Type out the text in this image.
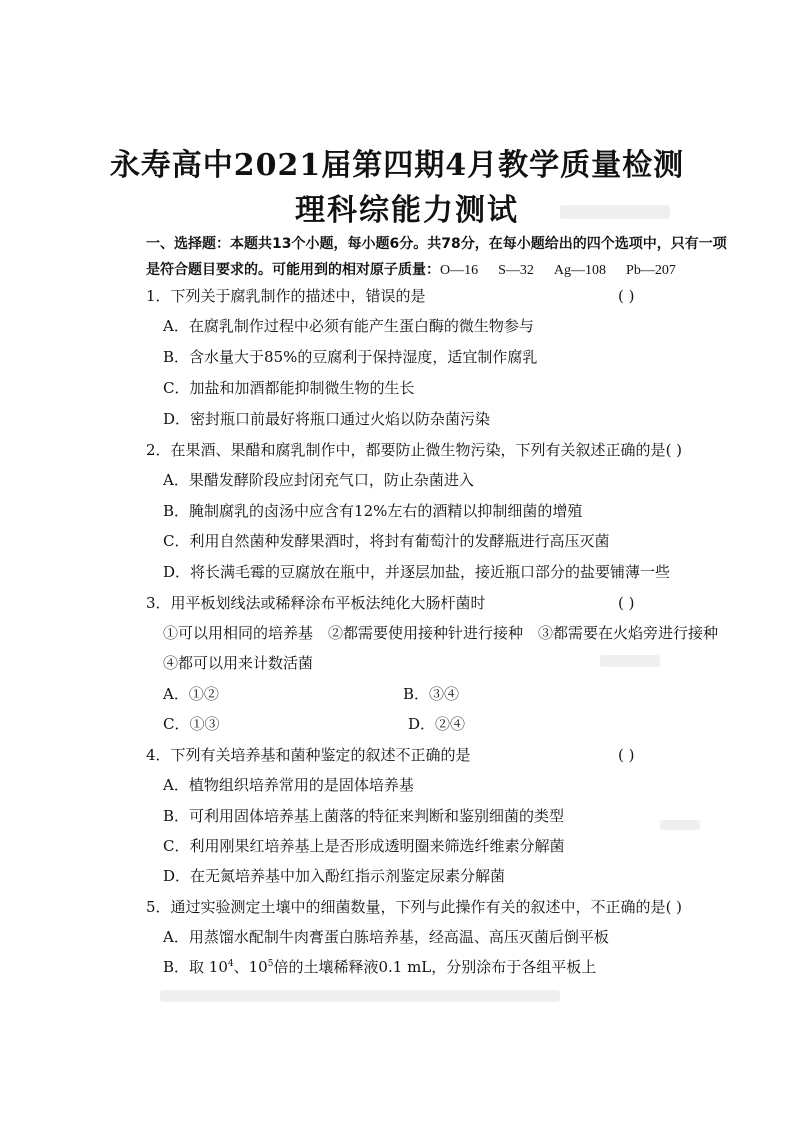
永寿高中2021届第四期4月教学质量检测
理科综能力测试
一、选择题：本题共13个小题，每小题6分。共78分，在每小题给出的四个选项中，只有一项
是符合题目要求的。可能用到的相对原子质量：O—16 S—32 Ag—108 Pb—207
1．下列关于腐乳制作的描述中，错误的是	( )
A．在腐乳制作过程中必须有能产生蛋白酶的微生物参与
B．含水量大于85%的豆腐利于保持湿度，适宜制作腐乳
C．加盐和加酒都能抑制微生物的生长
D．密封瓶口前最好将瓶口通过火焰以防杂菌污染
2．在果酒、果醋和腐乳制作中，都要防止微生物污染，下列有关叙述正确的是( )
A．果醋发酵阶段应封闭充气口，防止杂菌进入
B．腌制腐乳的卤汤中应含有12%左右的酒精以抑制细菌的增殖
C．利用自然菌种发酵果酒时，将封有葡萄汁的发酵瓶进行高压灭菌
D．将长满毛霉的豆腐放在瓶中，并逐层加盐，接近瓶口部分的盐要铺薄一些
3．用平板划线法或稀释涂布平板法纯化大肠杆菌时	( )
①可以用相同的培养基　②都需要使用接种针进行接种　③都需要在火焰旁进行接种
④都可以用来计数活菌
A．①②	B．③④
C．①③	D．②④
4．下列有关培养基和菌种鉴定的叙述不正确的是	( )
A．植物组织培养常用的是固体培养基
B．可利用固体培养基上菌落的特征来判断和鉴别细菌的类型
C．利用刚果红培养基上是否形成透明圈来筛选纤维素分解菌
D．在无氮培养基中加入酚红指示剂鉴定尿素分解菌
5．通过实验测定土壤中的细菌数量，下列与此操作有关的叙述中，不正确的是( )
A．用蒸馏水配制牛肉膏蛋白胨培养基，经高温、高压灭菌后倒平板
B．取 $10^4$、$10^5$倍的土壤稀释液0.1 mL，分别涂布于各组平板上
